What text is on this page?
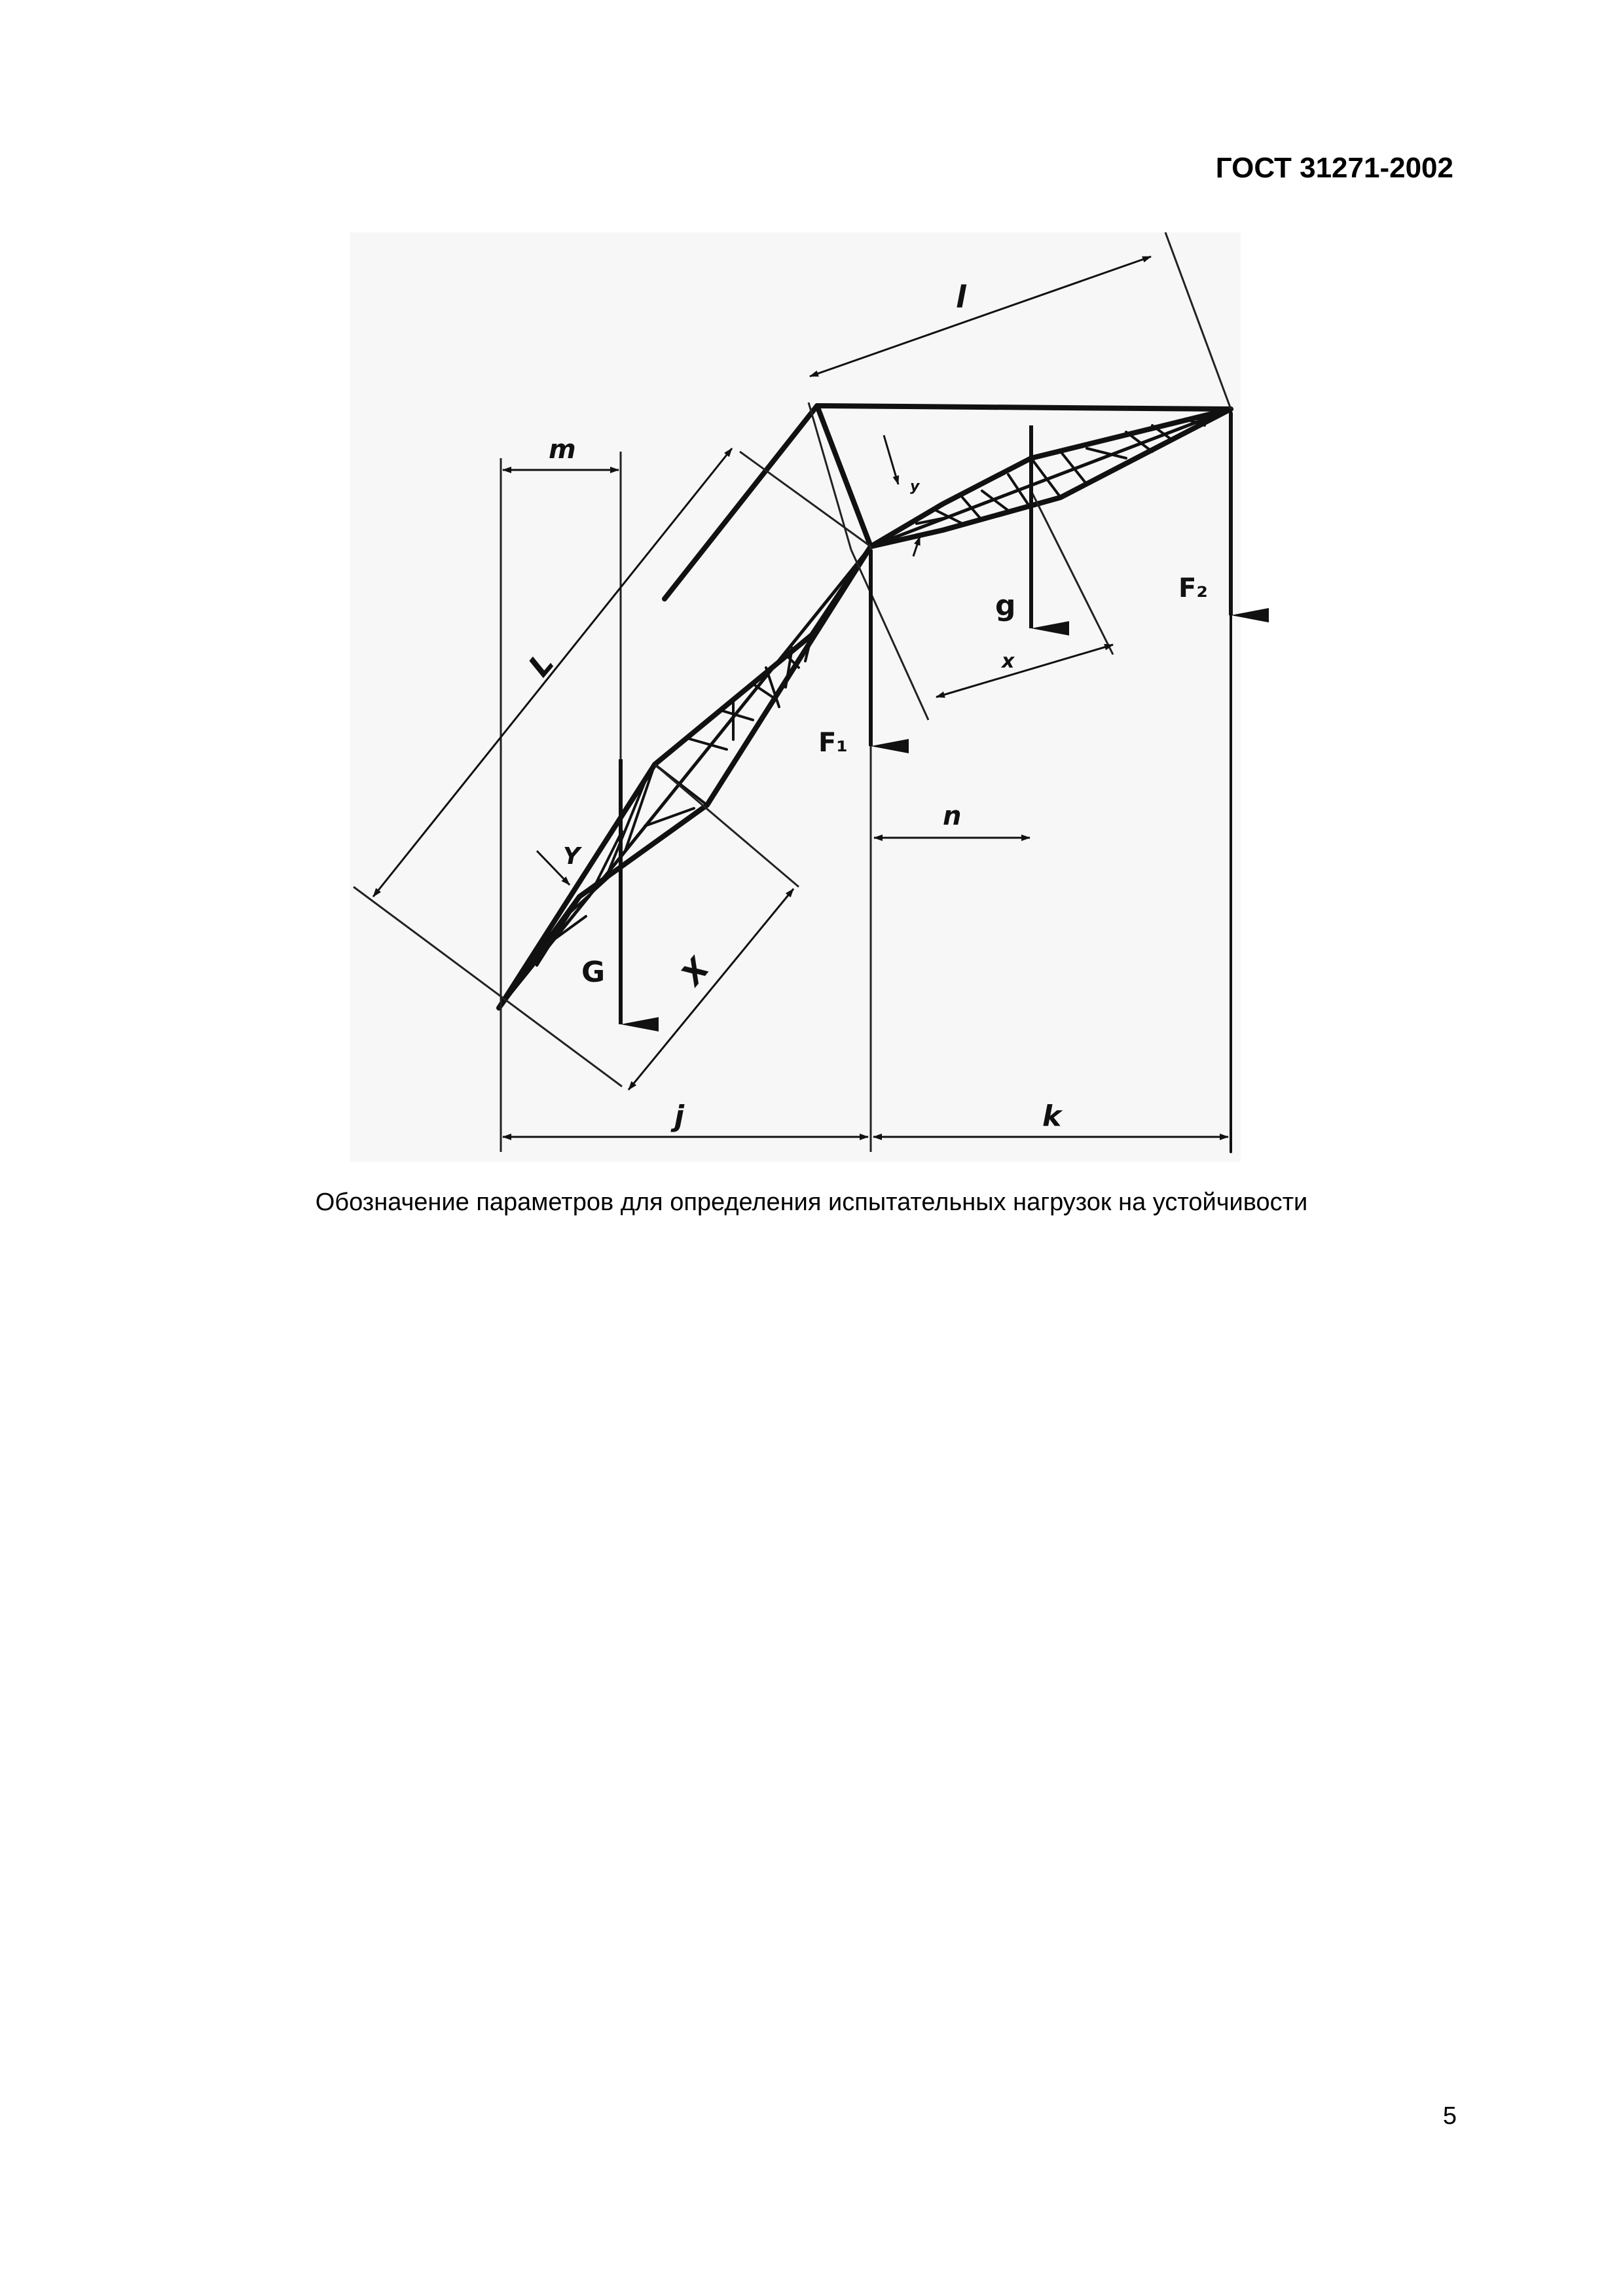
ГОСТ 31271-2002
l
m
L
Y
G X
j	k
F₁
F₂
g
n
x
y
Обозначение параметров для определения испытательных нагрузок на устойчивости
5
